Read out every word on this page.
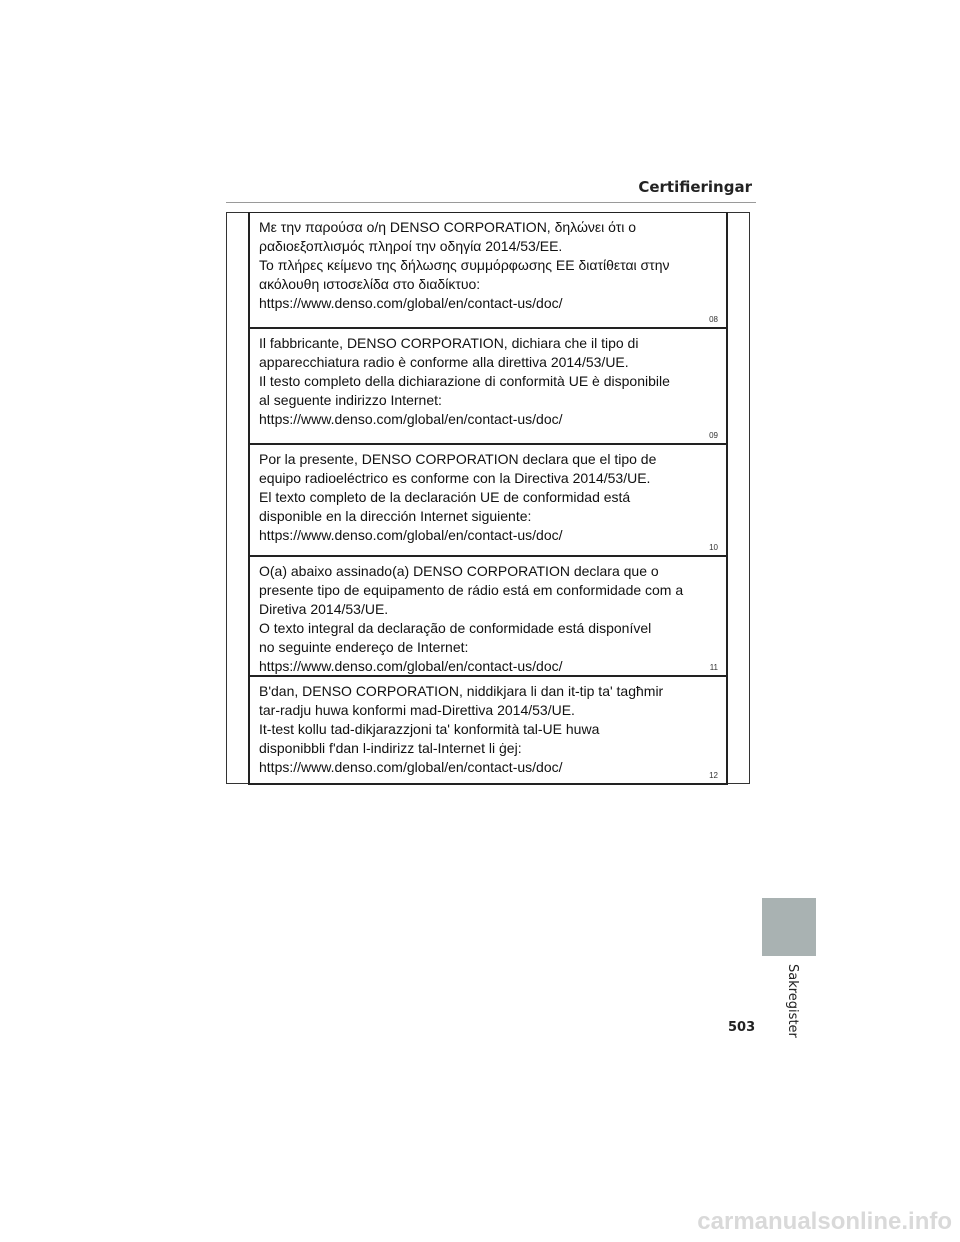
Certifieringar
Με την παρούσα ο/η DENSO CORPORATION, δηλώνει ότι ο
ραδιοεξοπλισμός πληροί την οδηγία 2014/53/ΕΕ.
Το πλήρες κείμενο της δήλωσης συμμόρφωσης ΕΕ διατίθεται στην
ακόλουθη ιστοσελίδα στο διαδίκτυο:
https://www.denso.com/global/en/contact-us/doc/
08
Il fabbricante, DENSO CORPORATION, dichiara che il tipo di
apparecchiatura radio è conforme alla direttiva 2014/53/UE.
Il testo completo della dichiarazione di conformità UE è disponibile
al seguente indirizzo Internet:
https://www.denso.com/global/en/contact-us/doc/
09
Por la presente, DENSO CORPORATION declara que el tipo de
equipo radioeléctrico es conforme con la Directiva 2014/53/UE.
El texto completo de la declaración UE de conformidad está
disponible en la dirección Internet siguiente:
https://www.denso.com/global/en/contact-us/doc/
10
O(a) abaixo assinado(a) DENSO CORPORATION declara que o
presente tipo de equipamento de rádio está em conformidade com a
Diretiva 2014/53/UE.
O texto integral da declaração de conformidade está disponível
no seguinte endereço de Internet:
https://www.denso.com/global/en/contact-us/doc/	11
B'dan, DENSO CORPORATION, niddikjara li dan it-tip ta' tagħmir
tar-radju huwa konformi mad-Direttiva 2014/53/UE.
It-test kollu tad-dikjarazzjoni ta' konformità tal-UE huwa
disponibbli f'dan l-indirizz tal-Internet li ġej:
https://www.denso.com/global/en/contact-us/doc/
12
Sakregister
503
carmanualsonline.info
